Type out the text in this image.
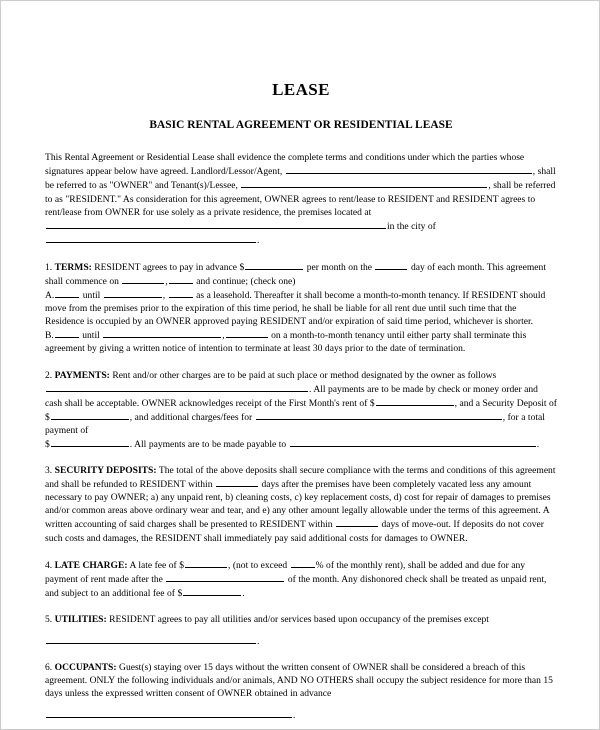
LEASE
BASIC RENTAL AGREEMENT OR RESIDENTIAL LEASE

This Rental Agreement or Residential Lease shall evidence the complete terms and conditions under which the parties whose signatures appear below have agreed. Landlord/Lessor/Agent,	, shall be referred to as "OWNER" and Tenant(s)/Lessee,	, shall be referred to as "RESIDENT." As consideration for this agreement, OWNER agrees to rent/lease to RESIDENT and RESIDENT agrees to rent/lease from OWNER for use solely as a private residence, the premises located at

in the city of .

1. TERMS: RESIDENT agrees to pay in advance $	per month on the	day of each month. This agreement shall commence on	,	and continue; (check one)
A.	until	,	as a leasehold. Thereafter it shall become a month-to-month tenancy. If RESIDENT should move from the premises prior to the expiration of this time period, he shall be liable for all rent due until such time that the Residence is occupied by an OWNER approved paying RESIDENT and/or expiration of said time period, whichever is shorter.
B.	until	,	on a month-to-month tenancy until either party shall terminate this agreement by giving a written notice of intention to terminate at least 30 days prior to the date of termination.

2. PAYMENTS: Rent and/or other charges are to be paid at such place or method designated by the owner as follows
. All payments are to be made by check or money order and cash shall be acceptable. OWNER acknowledges receipt of the First Month's rent of $	, and a Security Deposit of
$	, and additional charges/fees for	, for a total payment of
$	. All payments are to be made payable to	.

3. SECURITY DEPOSITS: The total of the above deposits shall secure compliance with the terms and conditions of this agreement and shall be refunded to RESIDENT within	days after the premises have been completely vacated less any amount necessary to pay OWNER; a) any unpaid rent, b) cleaning costs, c) key replacement costs, d) cost for repair of damages to premises and/or common areas above ordinary wear and tear, and e) any other amount legally allowable under the terms of this agreement. A written accounting of said charges shall be presented to RESIDENT within	days of move-out. If deposits do not cover such costs and damages, the RESIDENT shall immediately pay said additional costs for damages to OWNER.

4. LATE CHARGE: A late fee of $	, (not to exceed	% of the monthly rent), shall be added and due for any payment of rent made after the	of the month. Any dishonored check shall be treated as unpaid rent, and subject to an additional fee of $	.

5. UTILITIES: RESIDENT agrees to pay all utilities and/or services based upon occupancy of the premises except
.

6. OCCUPANTS: Guest(s) staying over 15 days without the written consent of OWNER shall be considered a breach of this agreement. ONLY the following individuals and/or animals, AND NO OTHERS shall occupy the subject residence for more than 15 days unless the expressed written consent of OWNER obtained in advance
.
